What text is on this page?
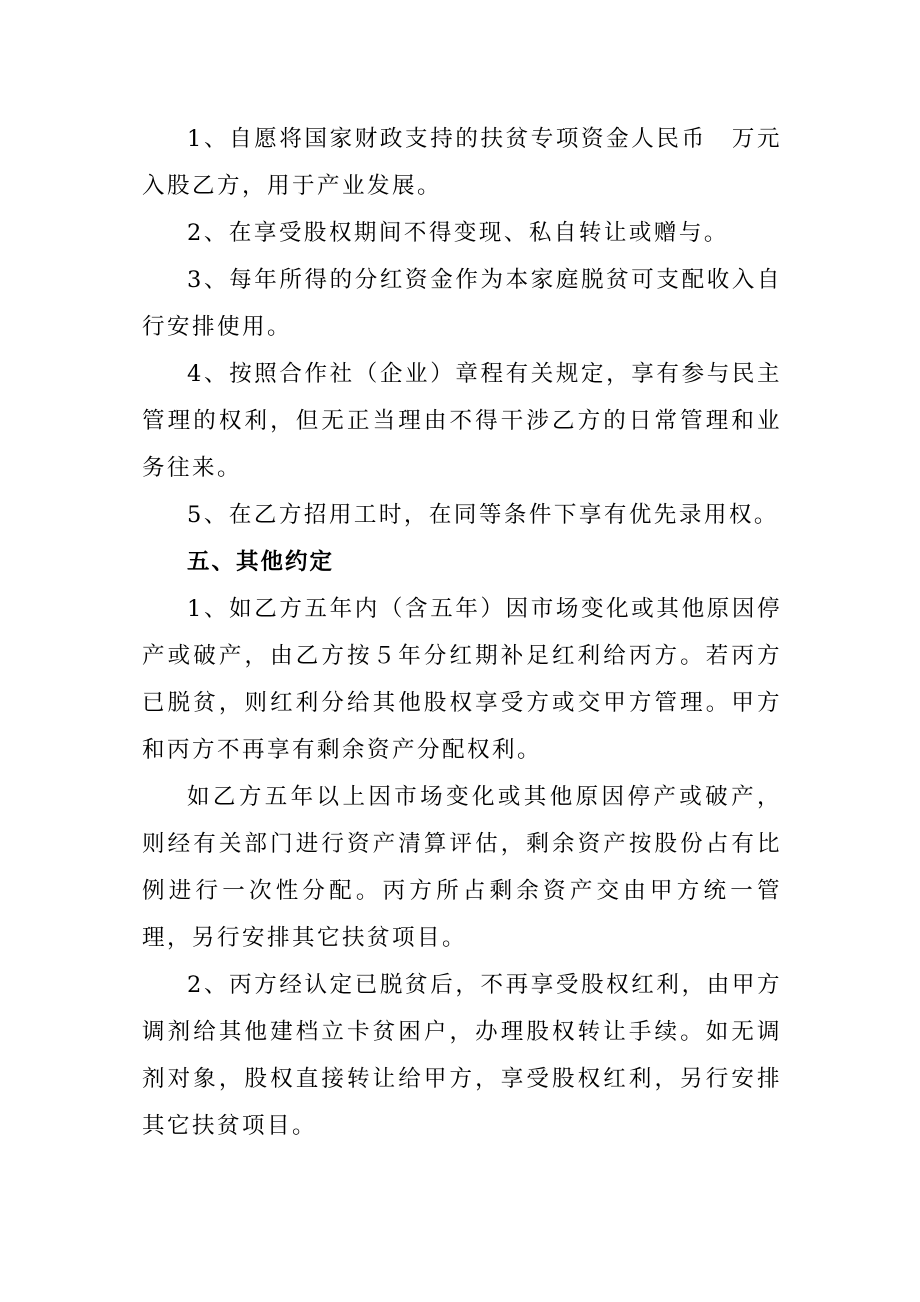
1、自愿将国家财政支持的扶贫专项资金人民币　万元入股乙方，用于产业发展。

2、在享受股权期间不得变现、私自转让或赠与。

3、每年所得的分红资金作为本家庭脱贫可支配收入自行安排使用。

4、按照合作社（企业）章程有关规定，享有参与民主管理的权利，但无正当理由不得干涉乙方的日常管理和业务往来。

5、在乙方招用工时，在同等条件下享有优先录用权。

五、其他约定

1、如乙方五年内（含五年）因市场变化或其他原因停产或破产，由乙方按５年分红期补足红利给丙方。若丙方已脱贫，则红利分给其他股权享受方或交甲方管理。甲方和丙方不再享有剩余资产分配权利。

如乙方五年以上因市场变化或其他原因停产或破产，则经有关部门进行资产清算评估，剩余资产按股份占有比例进行一次性分配。丙方所占剩余资产交由甲方统一管理，另行安排其它扶贫项目。

2、丙方经认定已脱贫后，不再享受股权红利，由甲方调剂给其他建档立卡贫困户，办理股权转让手续。如无调剂对象，股权直接转让给甲方，享受股权红利，另行安排其它扶贫项目。
